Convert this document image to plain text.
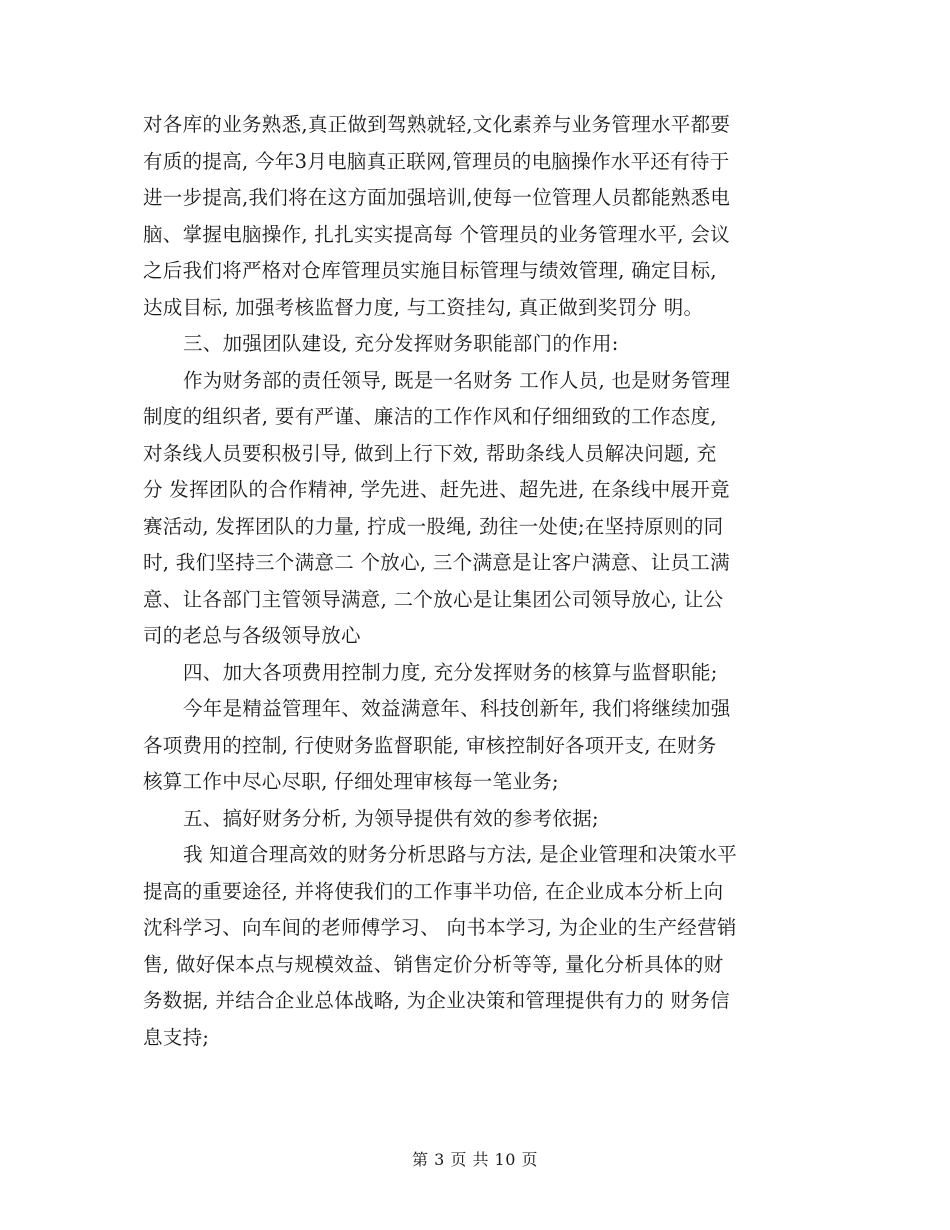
对各库的业务熟悉,真正做到驾熟就轻,文化素养与业务管理水平都要
有质的提高, 今年3月电脑真正联网,管理员的电脑操作水平还有待于
进一步提高,我们将在这方面加强培训,使每一位管理人员都能熟悉电
脑、掌握电脑操作, 扎扎实实提高每 个管理员的业务管理水平, 会议
之后我们将严格对仓库管理员实施目标管理与绩效管理, 确定目标,
达成目标, 加强考核监督力度, 与工资挂勾, 真正做到奖罚分 明。
三、加强团队建设, 充分发挥财务职能部门的作用:
作为财务部的责任领导, 既是一名财务 工作人员, 也是财务管理
制度的组织者, 要有严谨、廉洁的工作作风和仔细细致的工作态度,
对条线人员要积极引导, 做到上行下效, 帮助条线人员解决问题, 充
分 发挥团队的合作精神, 学先进、赶先进、超先进, 在条线中展开竟
赛活动, 发挥团队的力量, 拧成一股绳, 劲往一处使;在坚持原则的同
时, 我们坚持三个满意二 个放心, 三个满意是让客户满意、让员工满
意、让各部门主管领导满意, 二个放心是让集团公司领导放心, 让公
司的老总与各级领导放心
四、加大各项费用控制力度, 充分发挥财务的核算与监督职能;
今年是精益管理年、效益满意年、科技创新年, 我们将继续加强
各项费用的控制, 行使财务监督职能, 审核控制好各项开支, 在财务
核算工作中尽心尽职, 仔细处理审核每一笔业务;
五、搞好财务分析, 为领导提供有效的参考依据;
我 知道合理高效的财务分析思路与方法, 是企业管理和决策水平
提高的重要途径, 并将使我们的工作事半功倍, 在企业成本分析上向
沈科学习、向车间的老师傅学习、 向书本学习, 为企业的生产经营销
售, 做好保本点与规模效益、销售定价分析等等, 量化分析具体的财
务数据, 并结合企业总体战略, 为企业决策和管理提供有力的 财务信
息支持;
第 3 页 共 10 页
